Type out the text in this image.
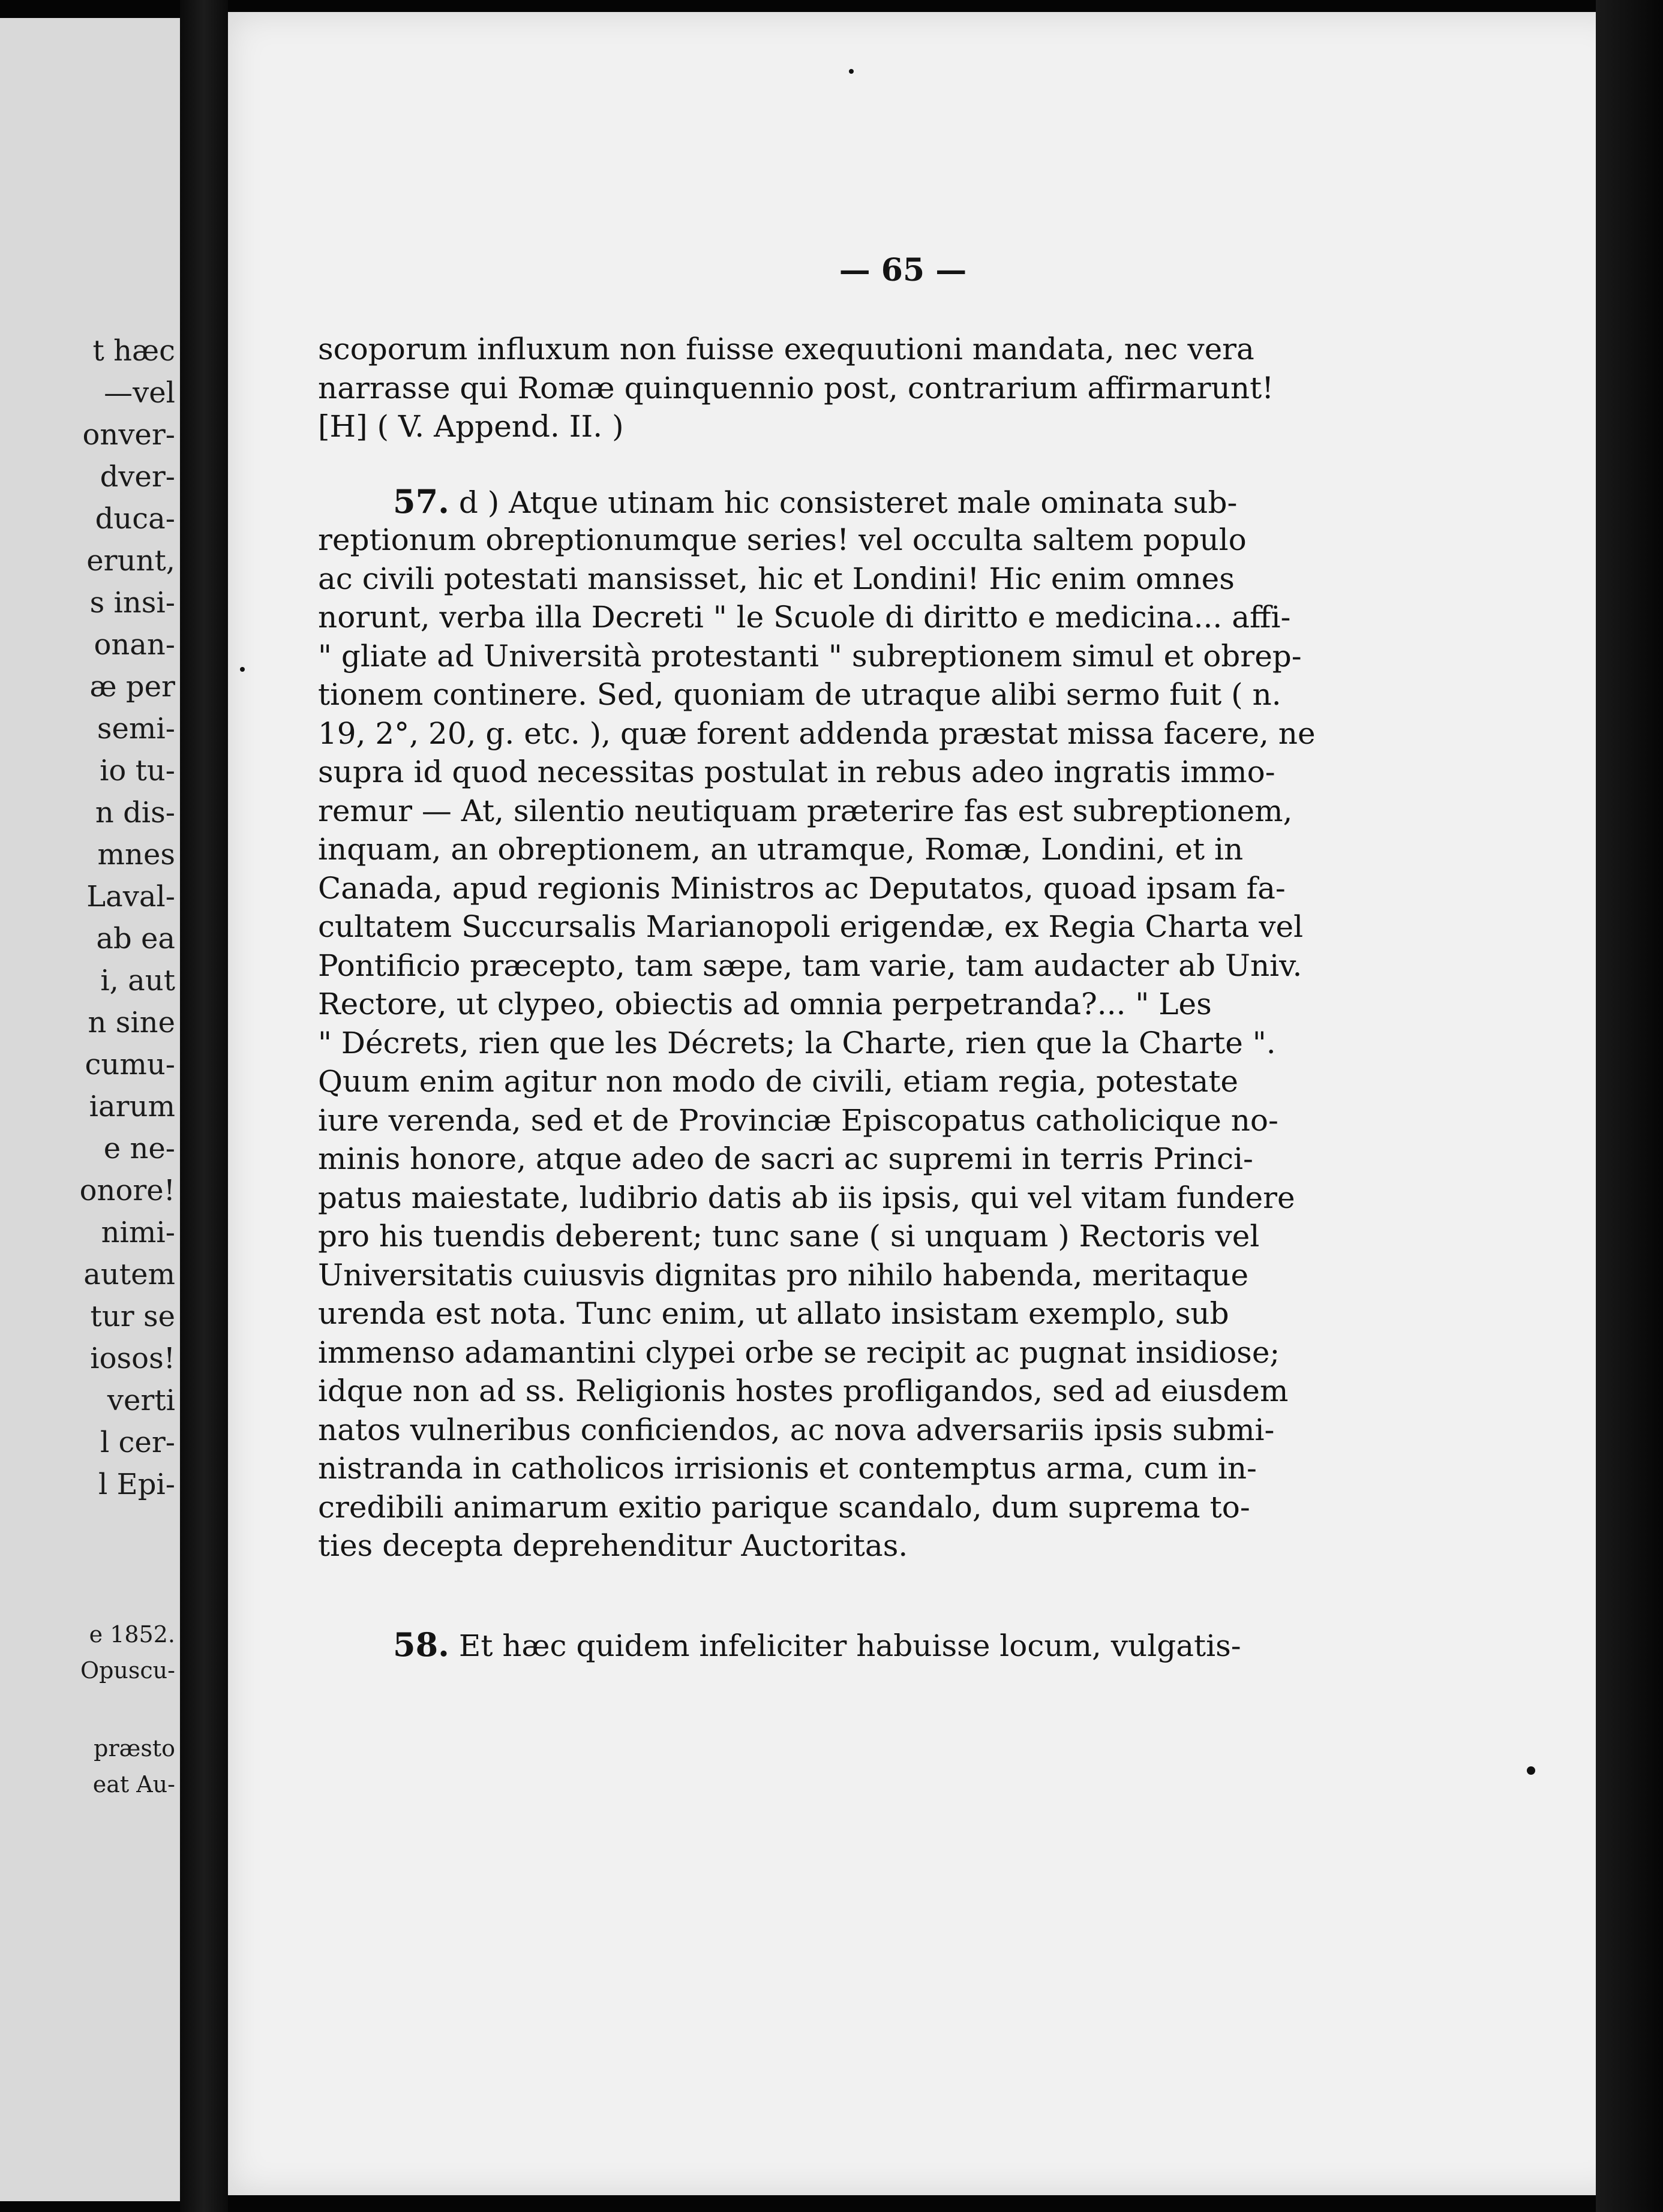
t hæc
—vel
onver-
dver-
duca-
erunt,
s insi-
onan-
æ per
semi-
io tu-
n dis-
mnes
Laval-
ab ea
i, aut
n sine
cumu-
iarum
e ne-
onore!
nimi-
autem
tur se
iosos!
verti
l cer-
l Epi-
e 1852.
Opuscu-
præsto
eat Au-
— 65 —
scoporum influxum non fuisse exequutioni mandata, nec vera
narrasse qui Romæ quinquennio post, contrarium affirmarunt!
[H] ( V. Append. II. )
57. d ) Atque utinam hic consisteret male ominata sub-
reptionum obreptionumque series! vel occulta saltem populo
ac civili potestati mansisset, hic et Londini! Hic enim omnes
norunt, verba illa Decreti " le Scuole di diritto e medicina... affi-
" gliate ad Università protestanti " subreptionem simul et obrep-
tionem continere. Sed, quoniam de utraque alibi sermo fuit ( n.
19, 2°, 20, g. etc. ), quæ forent addenda præstat missa facere, ne
supra id quod necessitas postulat in rebus adeo ingratis immo-
remur — At, silentio neutiquam præterire fas est subreptionem,
inquam, an obreptionem, an utramque, Romæ, Londini, et in
Canada, apud regionis Ministros ac Deputatos, quoad ipsam fa-
cultatem Succursalis Marianopoli erigendæ, ex Regia Charta vel
Pontificio præcepto, tam sæpe, tam varie, tam audacter ab Univ.
Rectore, ut clypeo, obiectis ad omnia perpetranda?... " Les
" Décrets, rien que les Décrets; la Charte, rien que la Charte ".
Quum enim agitur non modo de civili, etiam regia, potestate
iure verenda, sed et de Provinciæ Episcopatus catholicique no-
minis honore, atque adeo de sacri ac supremi in terris Princi-
patus maiestate, ludibrio datis ab iis ipsis, qui vel vitam fundere
pro his tuendis deberent; tunc sane ( si unquam ) Rectoris vel
Universitatis cuiusvis dignitas pro nihilo habenda, meritaque
urenda est nota. Tunc enim, ut allato insistam exemplo, sub
immenso adamantini clypei orbe se recipit ac pugnat insidiose;
idque non ad ss. Religionis hostes profligandos, sed ad eiusdem
natos vulneribus conficiendos, ac nova adversariis ipsis submi-
nistranda in catholicos irrisionis et contemptus arma, cum in-
credibili animarum exitio parique scandalo, dum suprema to-
ties decepta deprehenditur Auctoritas.
58. Et hæc quidem infeliciter habuisse locum, vulgatis-
